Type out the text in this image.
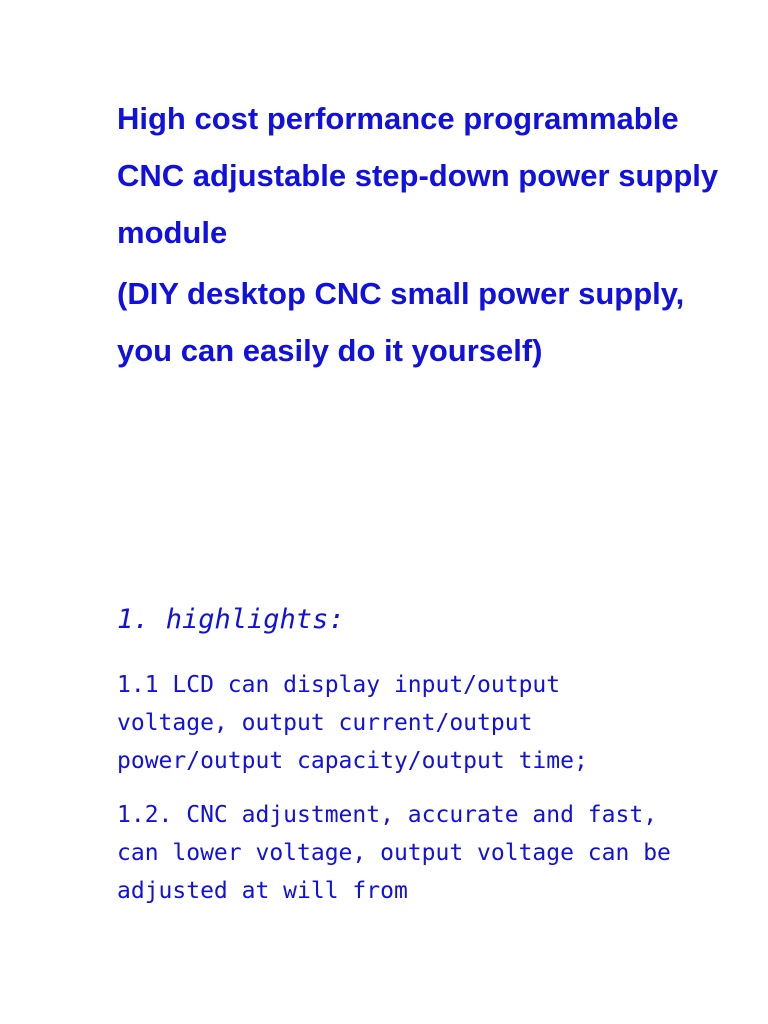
High cost performance programmable CNC adjustable step-down power supply module

(DIY desktop CNC small power supply, you can easily do it yourself)

1. highlights:

1.1 LCD can display input/output voltage, output current/output power/output capacity/output time;

1.2. CNC adjustment, accurate and fast, can lower voltage, output voltage can be adjusted at will from
